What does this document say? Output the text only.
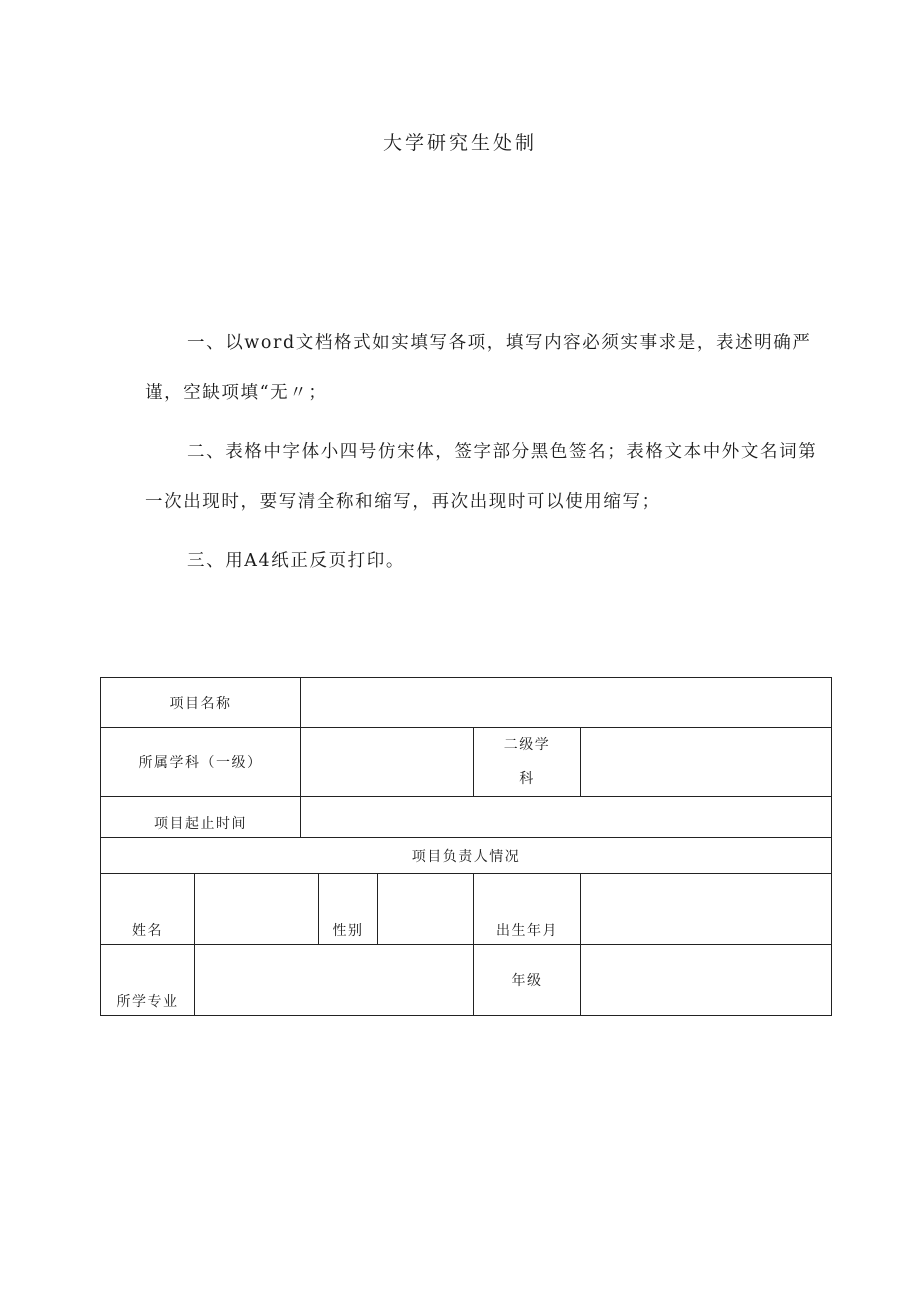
大学研究生处制

一、以word文档格式如实填写各项，填写内容必须实事求是，表述明确严谨，空缺项填“无〃；

二、表格中字体小四号仿宋体，签字部分黑色签名；表格文本中外文名词第一次出现时，要写清全称和缩写，再次出现时可以使用缩写；

三、用A4纸正反页打印。

项目名称						
所属学科（一级）					二级学
科	

项目起止时间						
项目负责人情况						
姓名			性别		出生年月	
所学专业					年级	
